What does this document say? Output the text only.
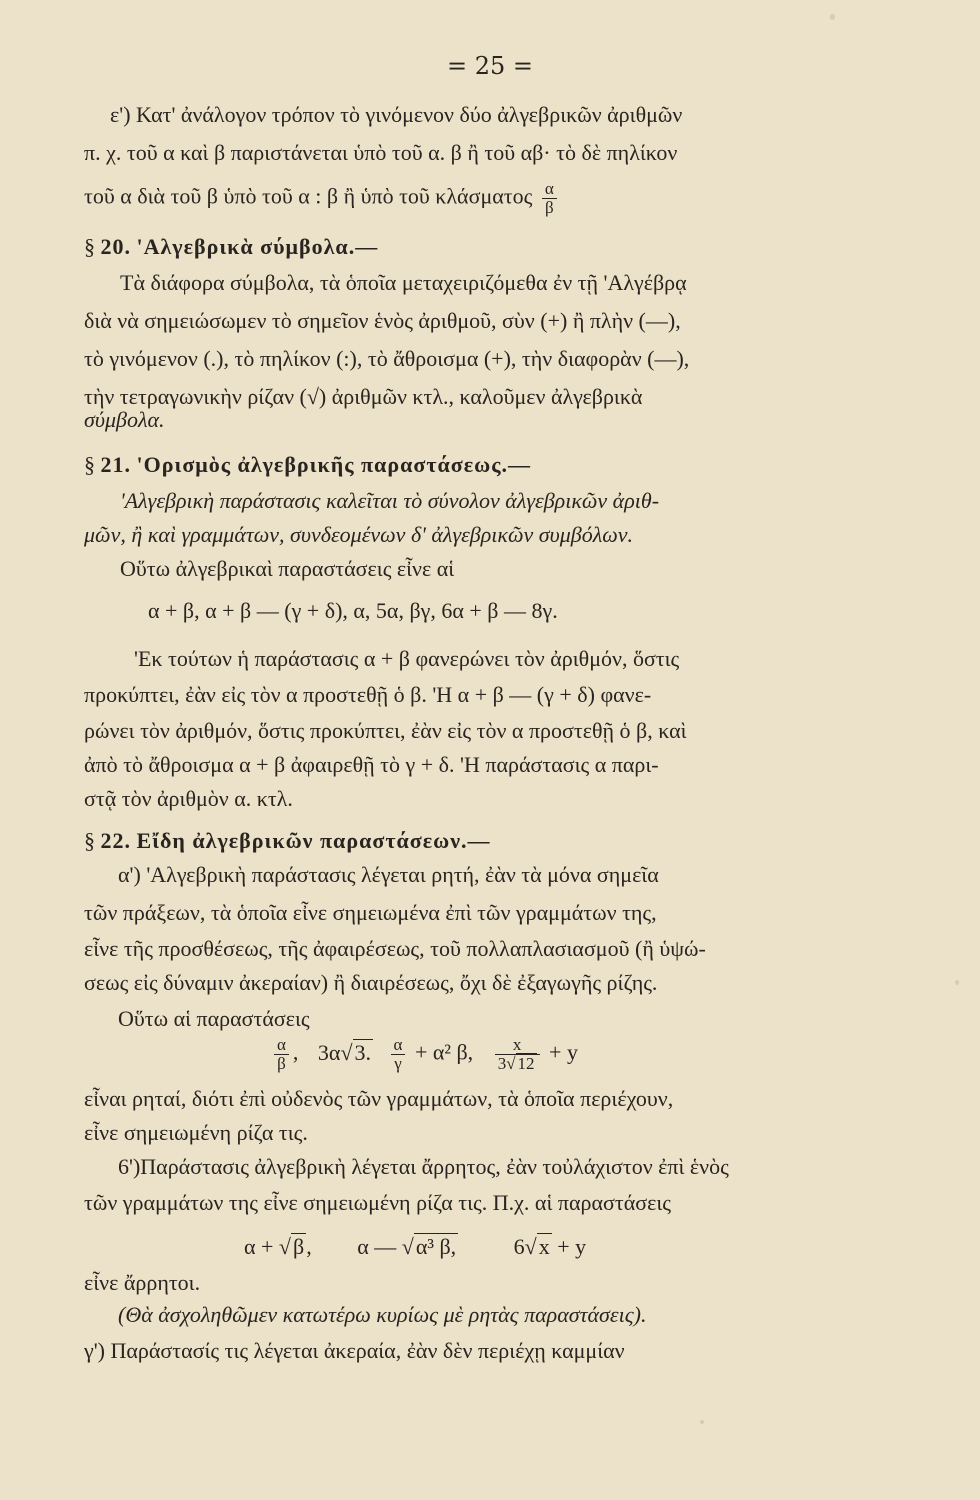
= 25 =
ε') Κατ' ἀνάλογον τρόπον τὸ γινόμενον δύο ἀλγεβρικῶν ἀριθμῶν
π. χ. τοῦ α καὶ β παριστάνεται ὑπὸ τοῦ α. β ἢ τοῦ αβ· τὸ δὲ πηλίκον
τοῦ α διὰ τοῦ β ὑπὸ τοῦ α : β ἢ ὑπὸ τοῦ κλάσματος $\frac{\alpha}{\beta}$
§ 20. 'Αλγεβρικὰ σύμβολα.—
Τὰ διάφορα σύμβολα, τὰ ὁποῖα μεταχειριζόμεθα ἐν τῇ 'Αλγέβρᾳ
διὰ νὰ σημειώσωμεν τὸ σημεῖον ἑνὸς ἀριθμοῦ, σὺν (+) ἢ πλὴν (—),
τὸ γινόμενον (.), τὸ πηλίκον (:), τὸ ἄθροισμα (+), τὴν διαφορὰν (—),
τὴν τετραγωνικὴν ρίζαν (√) ἀριθμῶν κτλ., καλοῦμεν ἀλγεβρικὰ
σύμβολα.
§ 21. 'Ορισμὸς ἀλγεβρικῆς παραστάσεως.—
'Αλγεβρικὴ παράστασις καλεῖται τὸ σύνολον ἀλγεβρικῶν ἀριθ-
μῶν, ἢ καὶ γραμμάτων, συνδεομένων δ' ἀλγεβρικῶν συμβόλων.
Οὕτω ἀλγεβρικαὶ παραστάσεις εἶνε αἱ
α + β, α + β — (γ + δ), α, 5α, βγ, 6α + β — 8γ.
'Εκ τούτων ἡ παράστασις α + β φανερώνει τὸν ἀριθμόν, ὅστις
προκύπτει, ἐὰν εἰς τὸν α προστεθῇ ὁ β. 'Η α + β — (γ + δ) φανε-
ρώνει τὸν ἀριθμόν, ὅστις προκύπτει, ἐὰν εἰς τὸν α προστεθῇ ὁ β, καὶ
ἀπὸ τὸ ἄθροισμα α + β ἀφαιρεθῇ τὸ γ + δ. 'Η παράστασις α παρι-
στᾷ τὸν ἀριθμὸν α. κτλ.
§ 22. Εἴδη ἀλγεβρικῶν παραστάσεων.—
α') 'Αλγεβρικὴ παράστασις λέγεται ρητή, ἐὰν τὰ μόνα σημεῖα
τῶν πράξεων, τὰ ὁποῖα εἶνε σημειωμένα ἐπὶ τῶν γραμμάτων της,
εἶνε τῆς προσθέσεως, τῆς ἀφαιρέσεως, τοῦ πολλαπλασιασμοῦ (ἢ ὑψώ-
σεως εἰς δύναμιν ἀκεραίαν) ἢ διαιρέσεως, ὄχι δὲ ἐξαγωγῆς ρίζης.
Οὕτω αἱ παραστάσεις
$\frac{\alpha}{\beta}$ , 3α√3. $\frac{\alpha}{\gamma} + \alpha^2$ β, $\frac{x}{3√ 12} + y$
εἶναι ρηταί, διότι ἐπὶ οὐδενὸς τῶν γραμμάτων, τὰ ὁποῖα περιέχουν,
εἶνε σημειωμένη ρίζα τις.
6')Παράστασις ἀλγεβρικὴ λέγεται ἄρρητος, ἐὰν τοὐλάχιστον ἐπὶ ἑνὸς
τῶν γραμμάτων της εἶνε σημειωμένη ρίζα τις. Π.χ. αἱ παραστάσεις
α + √β, α — √α³ β,	6√x + y
εἶνε ἄρρητοι.
(Θὰ ἀσχοληθῶμεν κατωτέρω κυρίως μὲ ρητὰς παραστάσεις).
γ') Παράστασίς τις λέγεται ἀκεραία, ἐὰν δὲν περιέχῃ καμμίαν
